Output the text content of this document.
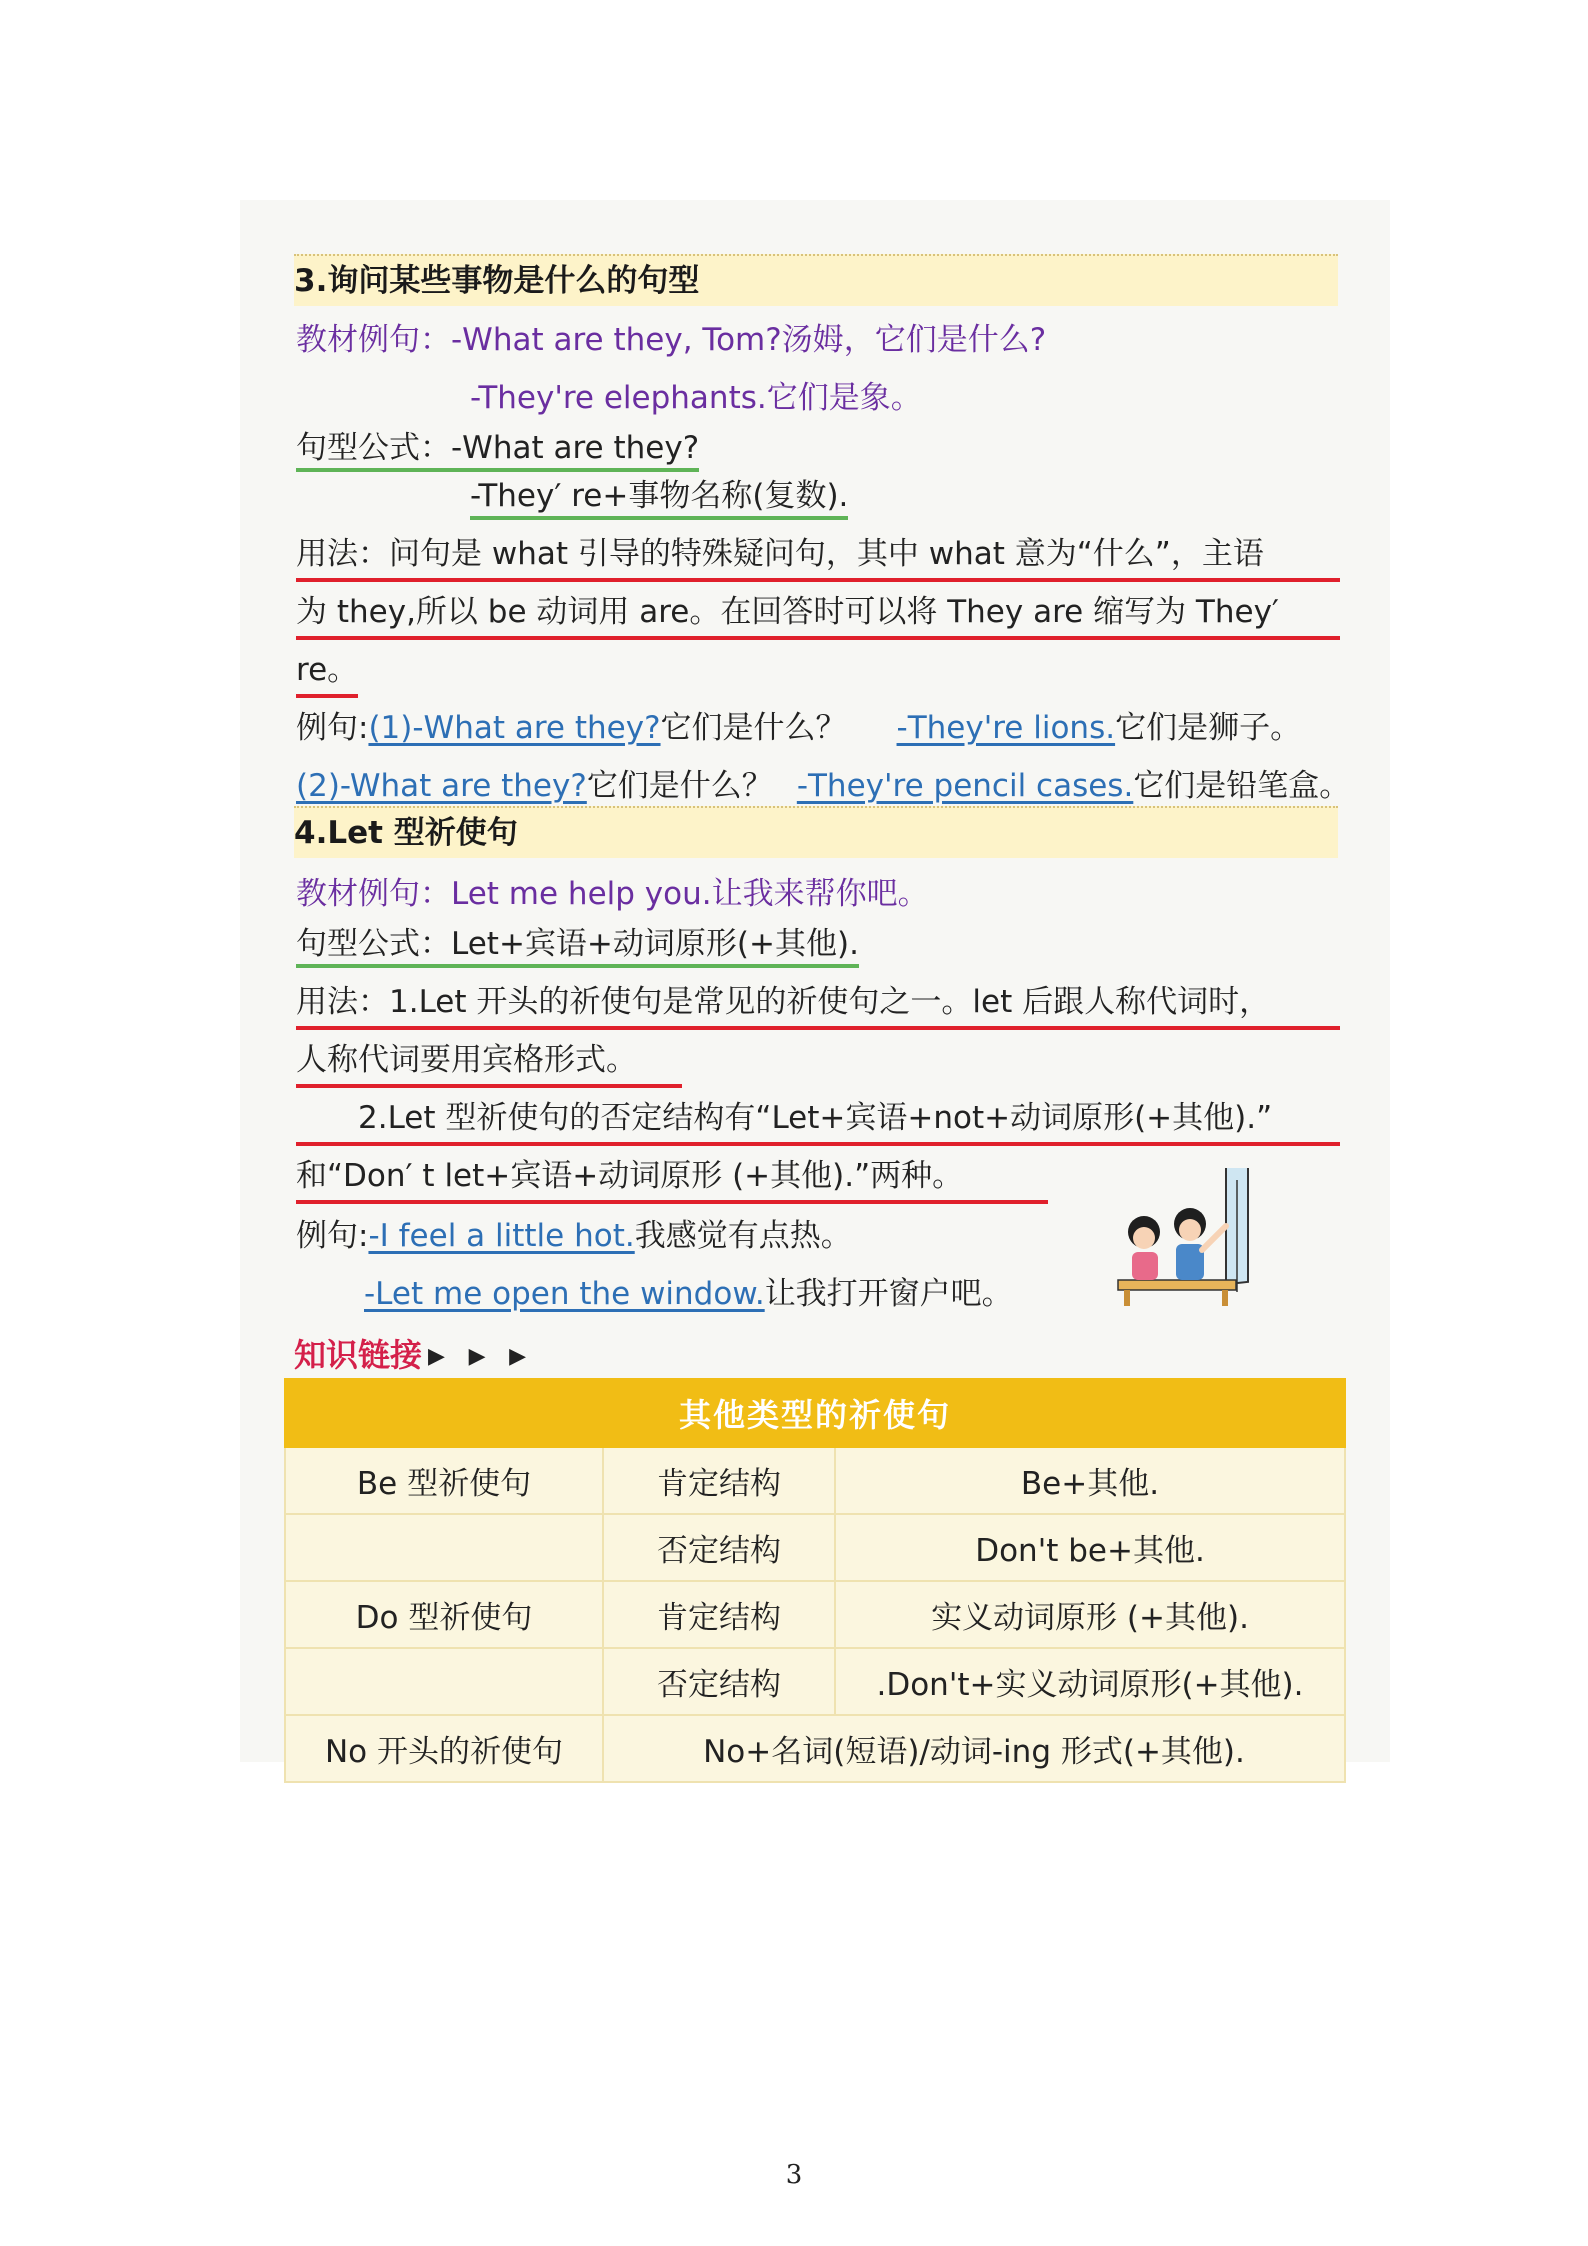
3.询问某些事物是什么的句型
教材例句：-What are they, Tom?汤姆，它们是什么?
-They're elephants.它们是象。
句型公式：-What are they?
-They′ re+事物名称(复数).
用法：问句是 what 引导的特殊疑问句，其中 what 意为“什么”，主语
为 they,所以 be 动词用 are。在回答时可以将 They are 缩写为 They′
re。
例句:(1)-What are they?它们是什么？ -They're lions.它们是狮子。
(2)-What are they?它们是什么？ -They're pencil cases.它们是铅笔盒。
4.Let 型祈使句
教材例句：Let me help you.让我来帮你吧。
句型公式：Let+宾语+动词原形(+其他).
用法：1.Let 开头的祈使句是常见的祈使句之一。let 后跟人称代词时，
人称代词要用宾格形式。
2.Let 型祈使句的否定结构有“Let+宾语+not+动词原形(+其他).”
和“Don′ t let+宾语+动词原形 (+其他).”两种。
例句:-I feel a little hot.我感觉有点热。
-Let me open the window.让我打开窗户吧。
知识链接 ▶ ▶ ▶
其他类型的祈使句		
Be 型祈使句	肯定结构	Be+其他.
	否定结构	Don't be+其他.
Do 型祈使句	肯定结构	实义动词原形 (+其他).
	否定结构	.Don't+实义动词原形(+其他).
No 开头的祈使句	No+名词(短语)/动词-ing 形式(+其他).	
3
